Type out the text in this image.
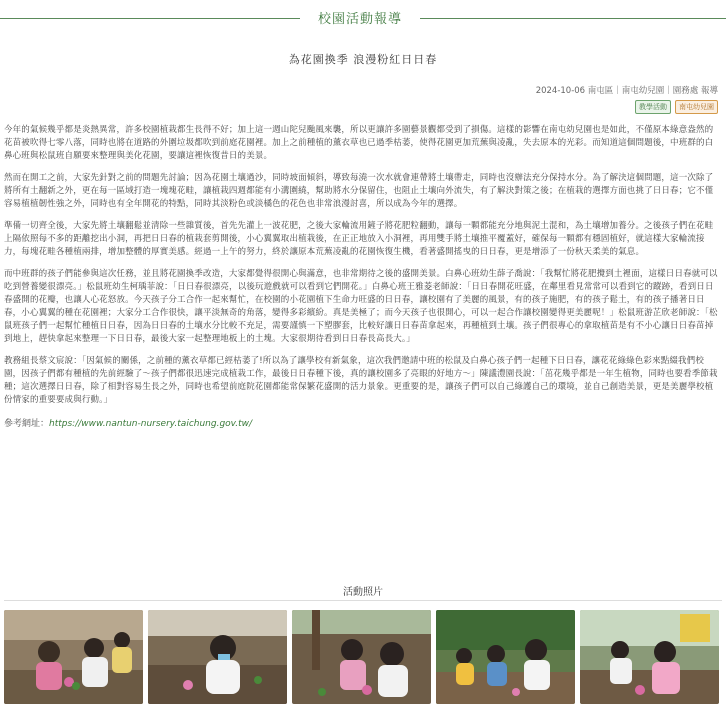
校園活動報導
為花園換季 浪漫粉紅日日春
2024-10-06 南屯區｜南屯幼兒園｜園務處 報導
教學活動	南屯幼兒園

今年的氣候幾乎都是炎熱異常，許多校園植栽都生長得不好；加上這一週山陀兒颱風來襲，所以更讓許多園藝景觀都受到了損傷。這樣的影響在南屯幼兒園也是如此，不僅原本綠意盎然的花苗被吹得七零八落，同時也將在道路的外圍垃圾都吹到前庭花園裡。加上之前種植的薰衣草也已過季枯萎，使得花園更加荒蕪與凌亂，失去原本的光彩。而知道這個問題後，中班群的白鼻心班與松鼠班自願要來整理與美化花園，要讓這裡恢復昔日的美景。

然而在開工之前，大家先針對之前的問題先討論；因為花園土壤過沙，同時坡面傾斜，導致每澆一次水就會連帶將土壤帶走，同時也沒辦法充分保持水分。為了解決這個問題，這一次除了將所有土翻新之外，更在每一區域打造一塊塊花畦，讓植栽四週都能有小溝圍繞，幫助將水分保留住，也阻止土壤向外流失，有了解決對策之後；在植栽的選擇方面也挑了日日春；它不僅容易植植韌性強之外，同時也有全年開花的特點，同時其淡粉色或淡橘色的花色也非常浪漫討喜，所以成為今年的選擇。

準備一切齊全後，大家先將土壤翻鬆並清除一些雜質後，首先先灌上一波花肥，之後大家輪流用鏟子將花肥粒翻動，讓每一顆都能充分地與泥土混和，為土壤增加養分。之後孩子們在花畦上隔依照每不多的距離挖出小洞，再把日日春的植栽套剪開後，小心翼翼取出植栽後，在正正地放入小洞裡，再用雙手將土壤推平覆蓋好，確保每一顆都有穩固植好，就這樣大家輪流接力，每塊花畦各種植兩排，增加整體的厚實美感。經過一上午的努力，終於讓原本荒蕪凌亂的花園恢復生機，看著盛開搖曳的日日春，更是增添了一份秋天柔美的氣息。

而中班群的孩子們能參與這次任務，並且將花園換季改造，大家都覺得很開心與滿意，也非常期待之後的盛開美景。白鼻心班幼生薛子喬說：「我幫忙將花肥攪到土裡面，這樣日日春就可以吃到營養變很漂亮。」松鼠班幼生柯瑀菲說：「日日春很漂亮，以後玩遊戲就可以看到它們開花。」白鼻心班王雅菱老師說：「日日春開花旺盛，在鄰里看見常常可以看到它的蹤跡，看到日日春盛開的花瓣，也讓人心花怒放。今天孩子分工合作一起來幫忙，在校園的小花園植下生命力旺盛的日日春，讓校園有了美麗的風景，有的孩子施肥，有的孩子鬆土，有的孩子播著日日春，小心翼翼的種在花園裡；大家分工合作很快，讓平淡無奇的角落，變得多彩繽紛。真是美極了；而今天孩子也很開心，可以一起合作讓校園變得更美麗呢！」松鼠班游芷欣老師說：「松鼠班孩子們一起幫忙種植日日春，因為日日春的土壤水分比較不充足，需要謹慎一下塑膠套，比較好讓日日春苗拿起來，再種植到土壤。孩子們很專心的拿取植苗是有不小心讓日日春苗掉到地上，趕快拿起來整理一下日日春，最後大家一起整理地板上的土塊。大家很期待看到日日春長高長大。」

教務組長蔡文宸說：「因氣候的關係，之前種的薰衣草都已經枯萎了!所以為了讓學校有新氣象，這次我們邀請中班的松鼠及白鼻心孩子們一起種下日日春，讓花花綠綠色彩來點綴我們校園，因孩子們都有種植的先前經驗了～孩子們都很迅速完成植栽工作，最後日日春種下後，真的讓校園多了亮眼的好地方～」陳議澧園長說：「茁花幾乎都是一年生植物，同時也要看季節栽種；這次選擇日日春，除了相對容易生長之外，同時也希望前庭院花園都能常保繁花盛開的活力景象。更重要的是，讓孩子們可以自己綠護自己的環境，並自己創造美景，更是美麗學校植份情家的重要要成與行動。」

參考網址：https://www.nantun-nursery.taichung.gov.tw/
活動照片
